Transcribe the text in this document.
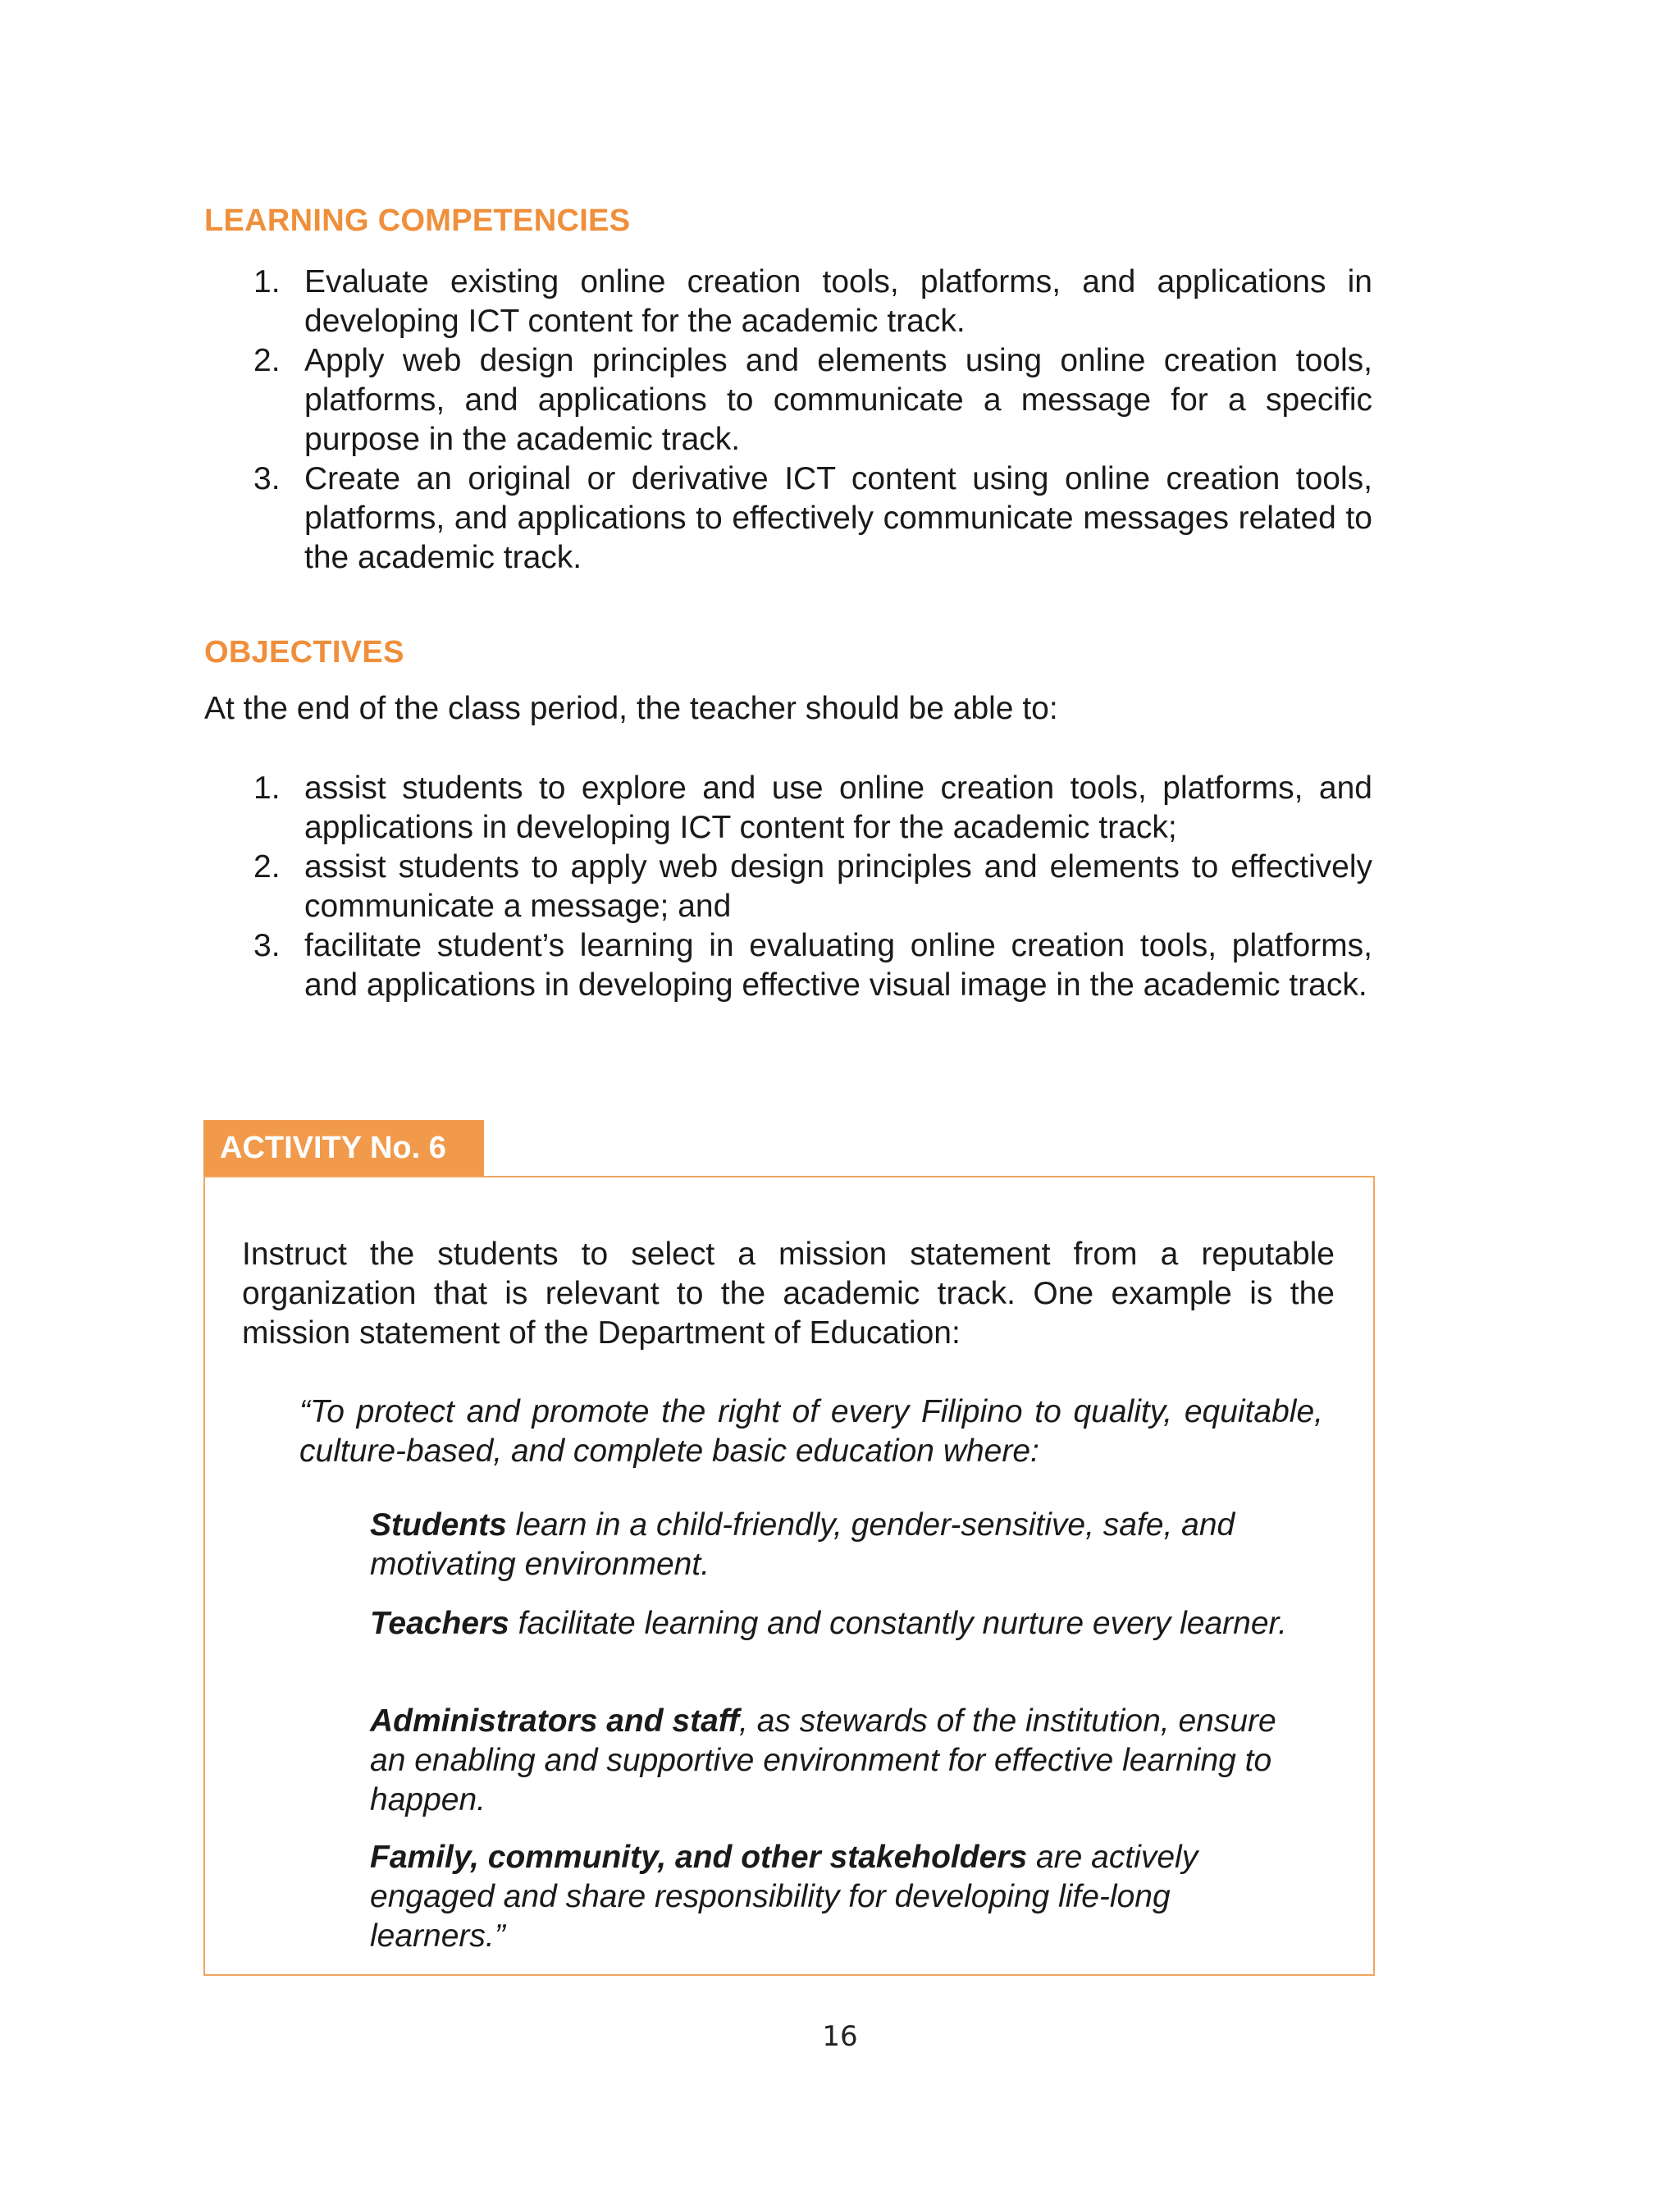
LEARNING COMPETENCIES
1. Evaluate existing online creation tools, platforms, and applications in developing ICT content for the academic track.
2. Apply web design principles and elements using online creation tools, platforms, and applications to communicate a message for a specific purpose in the academic track.
3. Create an original or derivative ICT content using online creation tools, platforms, and applications to effectively communicate messages related to the academic track.
OBJECTIVES

At the end of the class period, the teacher should be able to:

1. assist students to explore and use online creation tools, platforms, and applications in developing ICT content for the academic track;
2. assist students to apply web design principles and elements to effectively communicate a message; and
3. facilitate student’s learning in evaluating online creation tools, platforms, and applications in developing effective visual image in the academic track.
ACTIVITY No. 6

Instruct the students to select a mission statement from a reputable organization that is relevant to the academic track. One example is the mission statement of the Department of Education:

“To protect and promote the right of every Filipino to quality, equitable, culture-based, and complete basic education where:

Students learn in a child-friendly, gender-sensitive, safe, and motivating environment.

Teachers facilitate learning and constantly nurture every learner.

Administrators and staff, as stewards of the institution, ensure an enabling and supportive environment for effective learning to happen.

Family, community, and other stakeholders are actively engaged and share responsibility for developing life-long learners.”

16
